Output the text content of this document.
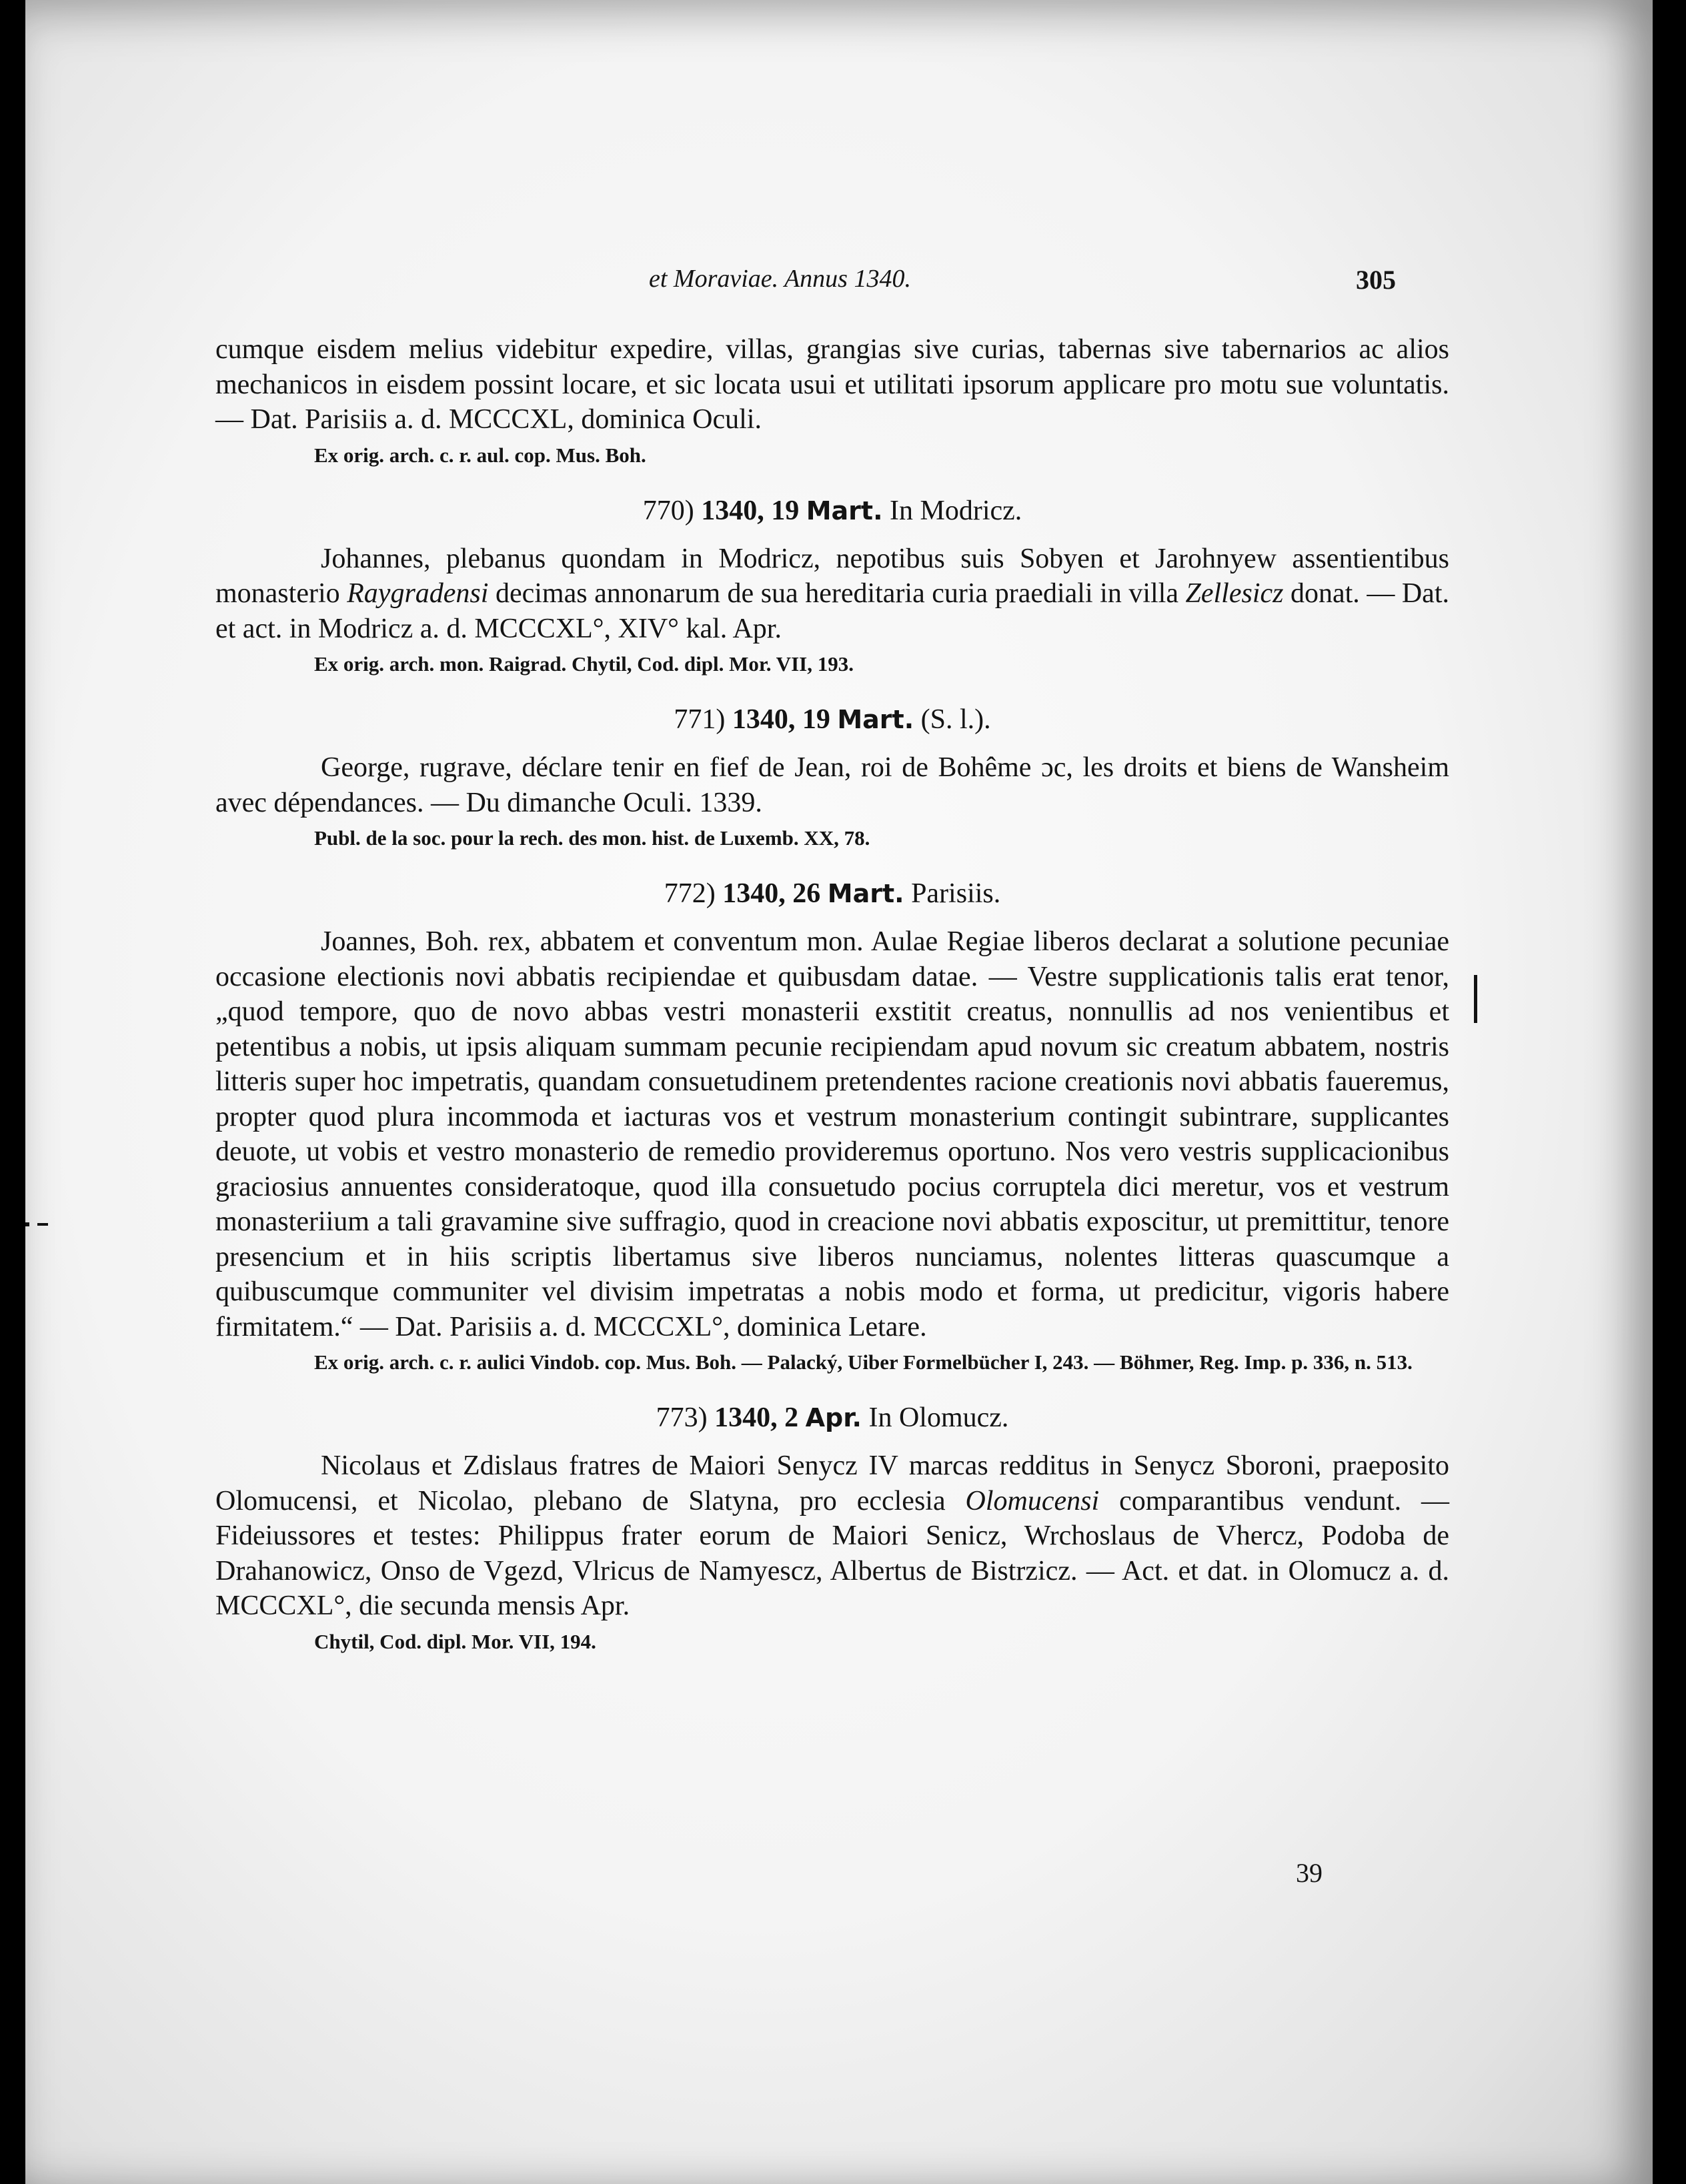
et Moraviae. Annus 1340.	305

cumque eisdem melius videbitur expedire, villas, grangias sive curias, tabernas sive tabernarios ac alios mechanicos in eisdem possint locare, et sic locata usui et utilitati ipsorum applicare pro motu sue voluntatis. — Dat. Parisiis a. d. MCCCXL, dominica Oculi.

Ex orig. arch. c. r. aul. cop. Mus. Boh.

770) 1340, 19 Mart. In Modricz.

Johannes, plebanus quondam in Modricz, nepotibus suis Sobyen et Jarohnyew assentientibus monasterio Raygradensi decimas annonarum de sua hereditaria curia praediali in villa Zellesicz donat. — Dat. et act. in Modricz a. d. MCCCXL°, XIV° kal. Apr.

Ex orig. arch. mon. Raigrad. Chytil, Cod. dipl. Mor. VII, 193.

771) 1340, 19 Mart. (S. l.).

George, rugrave, déclare tenir en fief de Jean, roi de Bohême ɔc, les droits et biens de Wansheim avec dépendances. — Du dimanche Oculi. 1339.

Publ. de la soc. pour la rech. des mon. hist. de Luxemb. XX, 78.

772) 1340, 26 Mart. Parisiis.

Joannes, Boh. rex, abbatem et conventum mon. Aulae Regiae liberos declarat a solutione pecuniae occasione electionis novi abbatis recipiendae et quibusdam datae. — Vestre supplicationis talis erat tenor, „quod tempore, quo de novo abbas vestri monasterii exstitit creatus, nonnullis ad nos venientibus et petentibus a nobis, ut ipsis aliquam summam pecunie recipiendam apud novum sic creatum abbatem, nostris litteris super hoc impetratis, quandam consuetudinem pretendentes racione creationis novi abbatis faueremus, propter quod plura incommoda et iacturas vos et vestrum monasterium contingit subintrare, supplicantes deuote, ut vobis et vestro monasterio de remedio provideremus oportuno. Nos vero vestris supplicacionibus graciosius annuentes consideratoque, quod illa consuetudo pocius corruptela dici meretur, vos et vestrum monasteriium a tali gravamine sive suffragio, quod in creacione novi abbatis exposcitur, ut premittitur, tenore presencium et in hiis scriptis libertamus sive liberos nunciamus, nolentes litteras quascumque a quibuscumque communiter vel divisim impetratas a nobis modo et forma, ut predicitur, vigoris habere firmitatem.“ — Dat. Parisiis a. d. MCCCXL°, dominica Letare.

Ex orig. arch. c. r. aulici Vindob. cop. Mus. Boh. — Palacký, Uiber Formelbücher I, 243. — Böhmer, Reg. Imp. p. 336, n. 513.

773) 1340, 2 Apr. In Olomucz.

Nicolaus et Zdislaus fratres de Maiori Senycz IV marcas redditus in Senycz Sboroni, praeposito Olomucensi, et Nicolao, plebano de Slatyna, pro ecclesia Olomucensi comparantibus vendunt. — Fideiussores et testes: Philippus frater eorum de Maiori Senicz, Wrchoslaus de Vhercz, Podoba de Drahanowicz, Onso de Vgezd, Vlricus de Namyescz, Albertus de Bistrzicz. — Act. et dat. in Olomucz a. d. MCCCXL°, die secunda mensis Apr.

Chytil, Cod. dipl. Mor. VII, 194.

39
